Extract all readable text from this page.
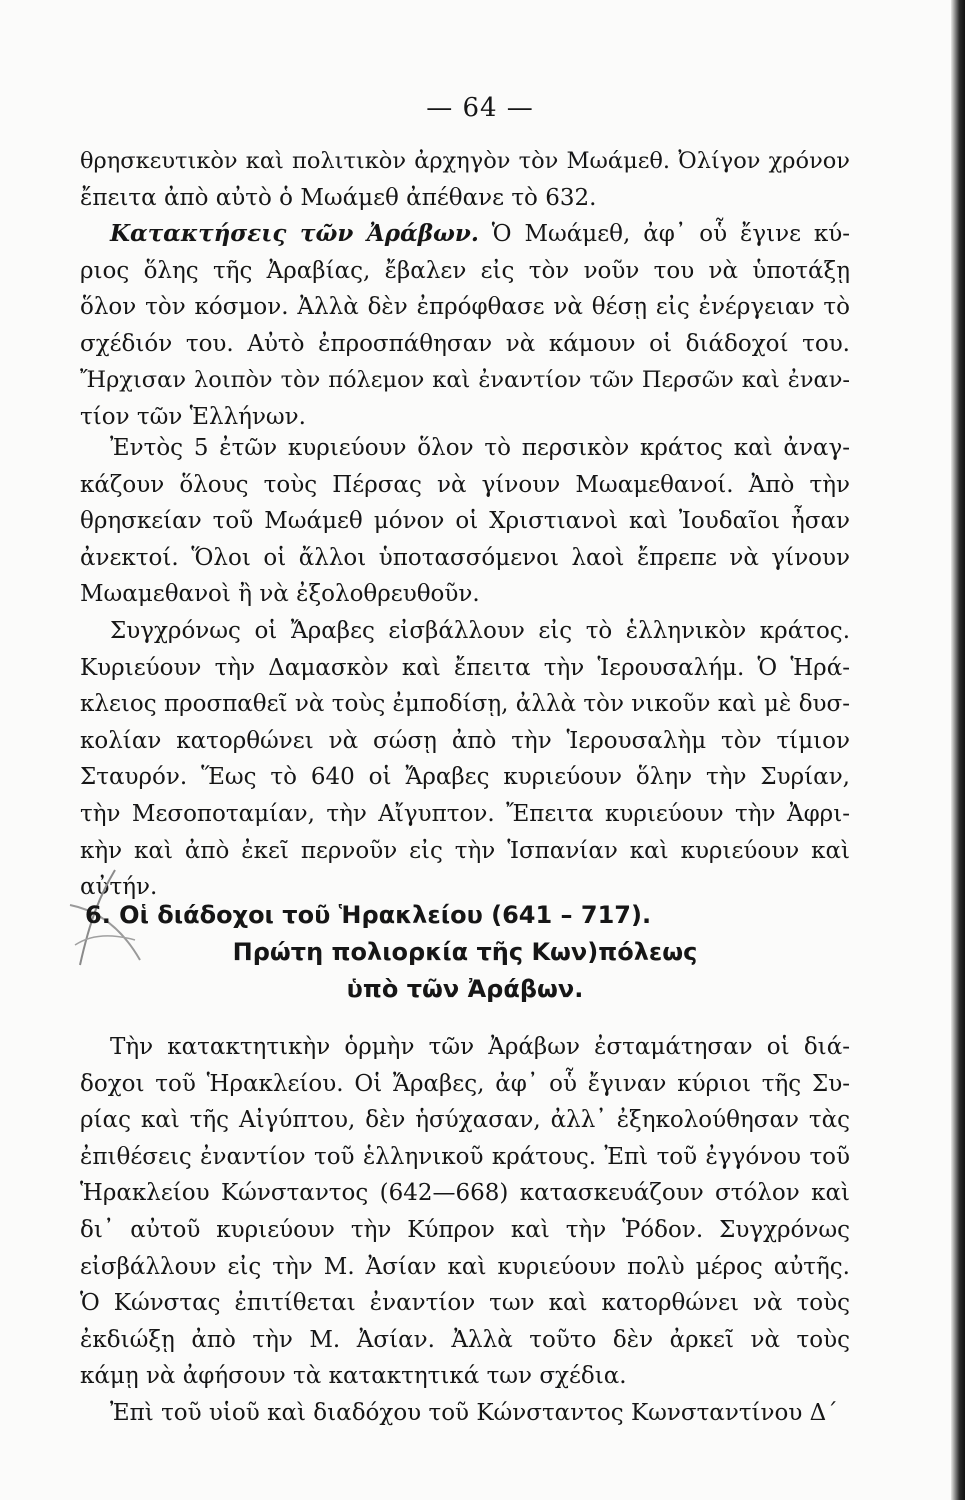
— 64 —
θρησκευτικὸν καὶ πολιτικὸν ἀρχηγὸν τὸν Μωάμεθ. Ὀλίγον χρόνον
ἔπειτα ἀπὸ αὐτὸ ὁ Μωάμεθ ἀπέθανε τὸ 632.
Κατακτήσεις τῶν Ἀράβων. Ὁ Μωάμεθ, ἀφ᾽ οὗ ἔγινε κύ-
ριος ὅλης τῆς Ἀραβίας, ἔβαλεν εἰς τὸν νοῦν του νὰ ὑποτάξῃ
ὅλον τὸν κόσμον. Ἀλλὰ δὲν ἐπρόφθασε νὰ θέσῃ εἰς ἐνέργειαν τὸ
σχέδιόν του. Αὐτὸ ἐπροσπάθησαν νὰ κάμουν οἱ διάδοχοί του.
Ἤρχισαν λοιπὸν τὸν πόλεμον καὶ ἐναντίον τῶν Περσῶν καὶ ἐναν-
τίον τῶν Ἑλλήνων.
Ἐντὸς 5 ἐτῶν κυριεύουν ὅλον τὸ περσικὸν κράτος καὶ ἀναγ-
κάζουν ὅλους τοὺς Πέρσας νὰ γίνουν Μωαμεθανοί. Ἀπὸ τὴν
θρησκείαν τοῦ Μωάμεθ μόνον οἱ Χριστιανοὶ καὶ Ἰουδαῖοι ἦσαν
ἀνεκτοί. Ὅλοι οἱ ἄλλοι ὑποτασσόμενοι λαοὶ ἔπρεπε νὰ γίνουν
Μωαμεθανοὶ ἢ νὰ ἐξολοθρευθοῦν.
Συγχρόνως οἱ Ἄραβες εἰσβάλλουν εἰς τὸ ἑλληνικὸν κράτος.
Κυριεύουν τὴν Δαμασκὸν καὶ ἔπειτα τὴν Ἱερουσαλήμ. Ὁ Ἡρά-
κλειος προσπαθεῖ νὰ τοὺς ἐμποδίσῃ, ἀλλὰ τὸν νικοῦν καὶ μὲ δυσ-
κολίαν κατορθώνει νὰ σώσῃ ἀπὸ τὴν Ἱερουσαλὴμ τὸν τίμιον
Σταυρόν. Ἕως τὸ 640 οἱ Ἄραβες κυριεύουν ὅλην τὴν Συρίαν,
τὴν Μεσοποταμίαν, τὴν Αἴγυπτον. Ἔπειτα κυριεύουν τὴν Ἀφρι-
κὴν καὶ ἀπὸ ἐκεῖ περνοῦν εἰς τὴν Ἱσπανίαν καὶ κυριεύουν καὶ
αὐτήν.
6. Οἱ διάδοχοι τοῦ Ἡρακλείου (641 – 717).
Πρώτη πολιορκία τῆς Κων)πόλεως
ὑπὸ τῶν Ἀράβων.
Τὴν κατακτητικὴν ὁρμὴν τῶν Ἀράβων ἐσταμάτησαν οἱ διά-
δοχοι τοῦ Ἡρακλείου. Οἱ Ἄραβες, ἀφ᾽ οὗ ἔγιναν κύριοι τῆς Συ-
ρίας καὶ τῆς Αἰγύπτου, δὲν ἡσύχασαν, ἀλλ᾽ ἐξηκολούθησαν τὰς
ἐπιθέσεις ἐναντίον τοῦ ἑλληνικοῦ κράτους. Ἐπὶ τοῦ ἐγγόνου τοῦ
Ἡρακλείου Κώνσταντος (642—668) κατασκευάζουν στόλον καὶ
δι᾽ αὐτοῦ κυριεύουν τὴν Κύπρον καὶ τὴν Ῥόδον. Συγχρόνως
εἰσβάλλουν εἰς τὴν Μ. Ἀσίαν καὶ κυριεύουν πολὺ μέρος αὐτῆς.
Ὁ Κώνστας ἐπιτίθεται ἐναντίον των καὶ κατορθώνει νὰ τοὺς
ἐκδιώξῃ ἀπὸ τὴν Μ. Ἀσίαν. Ἀλλὰ τοῦτο δὲν ἀρκεῖ νὰ τοὺς
κάμῃ νὰ ἀφήσουν τὰ κατακτητικά των σχέδια.
Ἐπὶ τοῦ υἱοῦ καὶ διαδόχου τοῦ Κώνσταντος Κωνσταντίνου Δ´
